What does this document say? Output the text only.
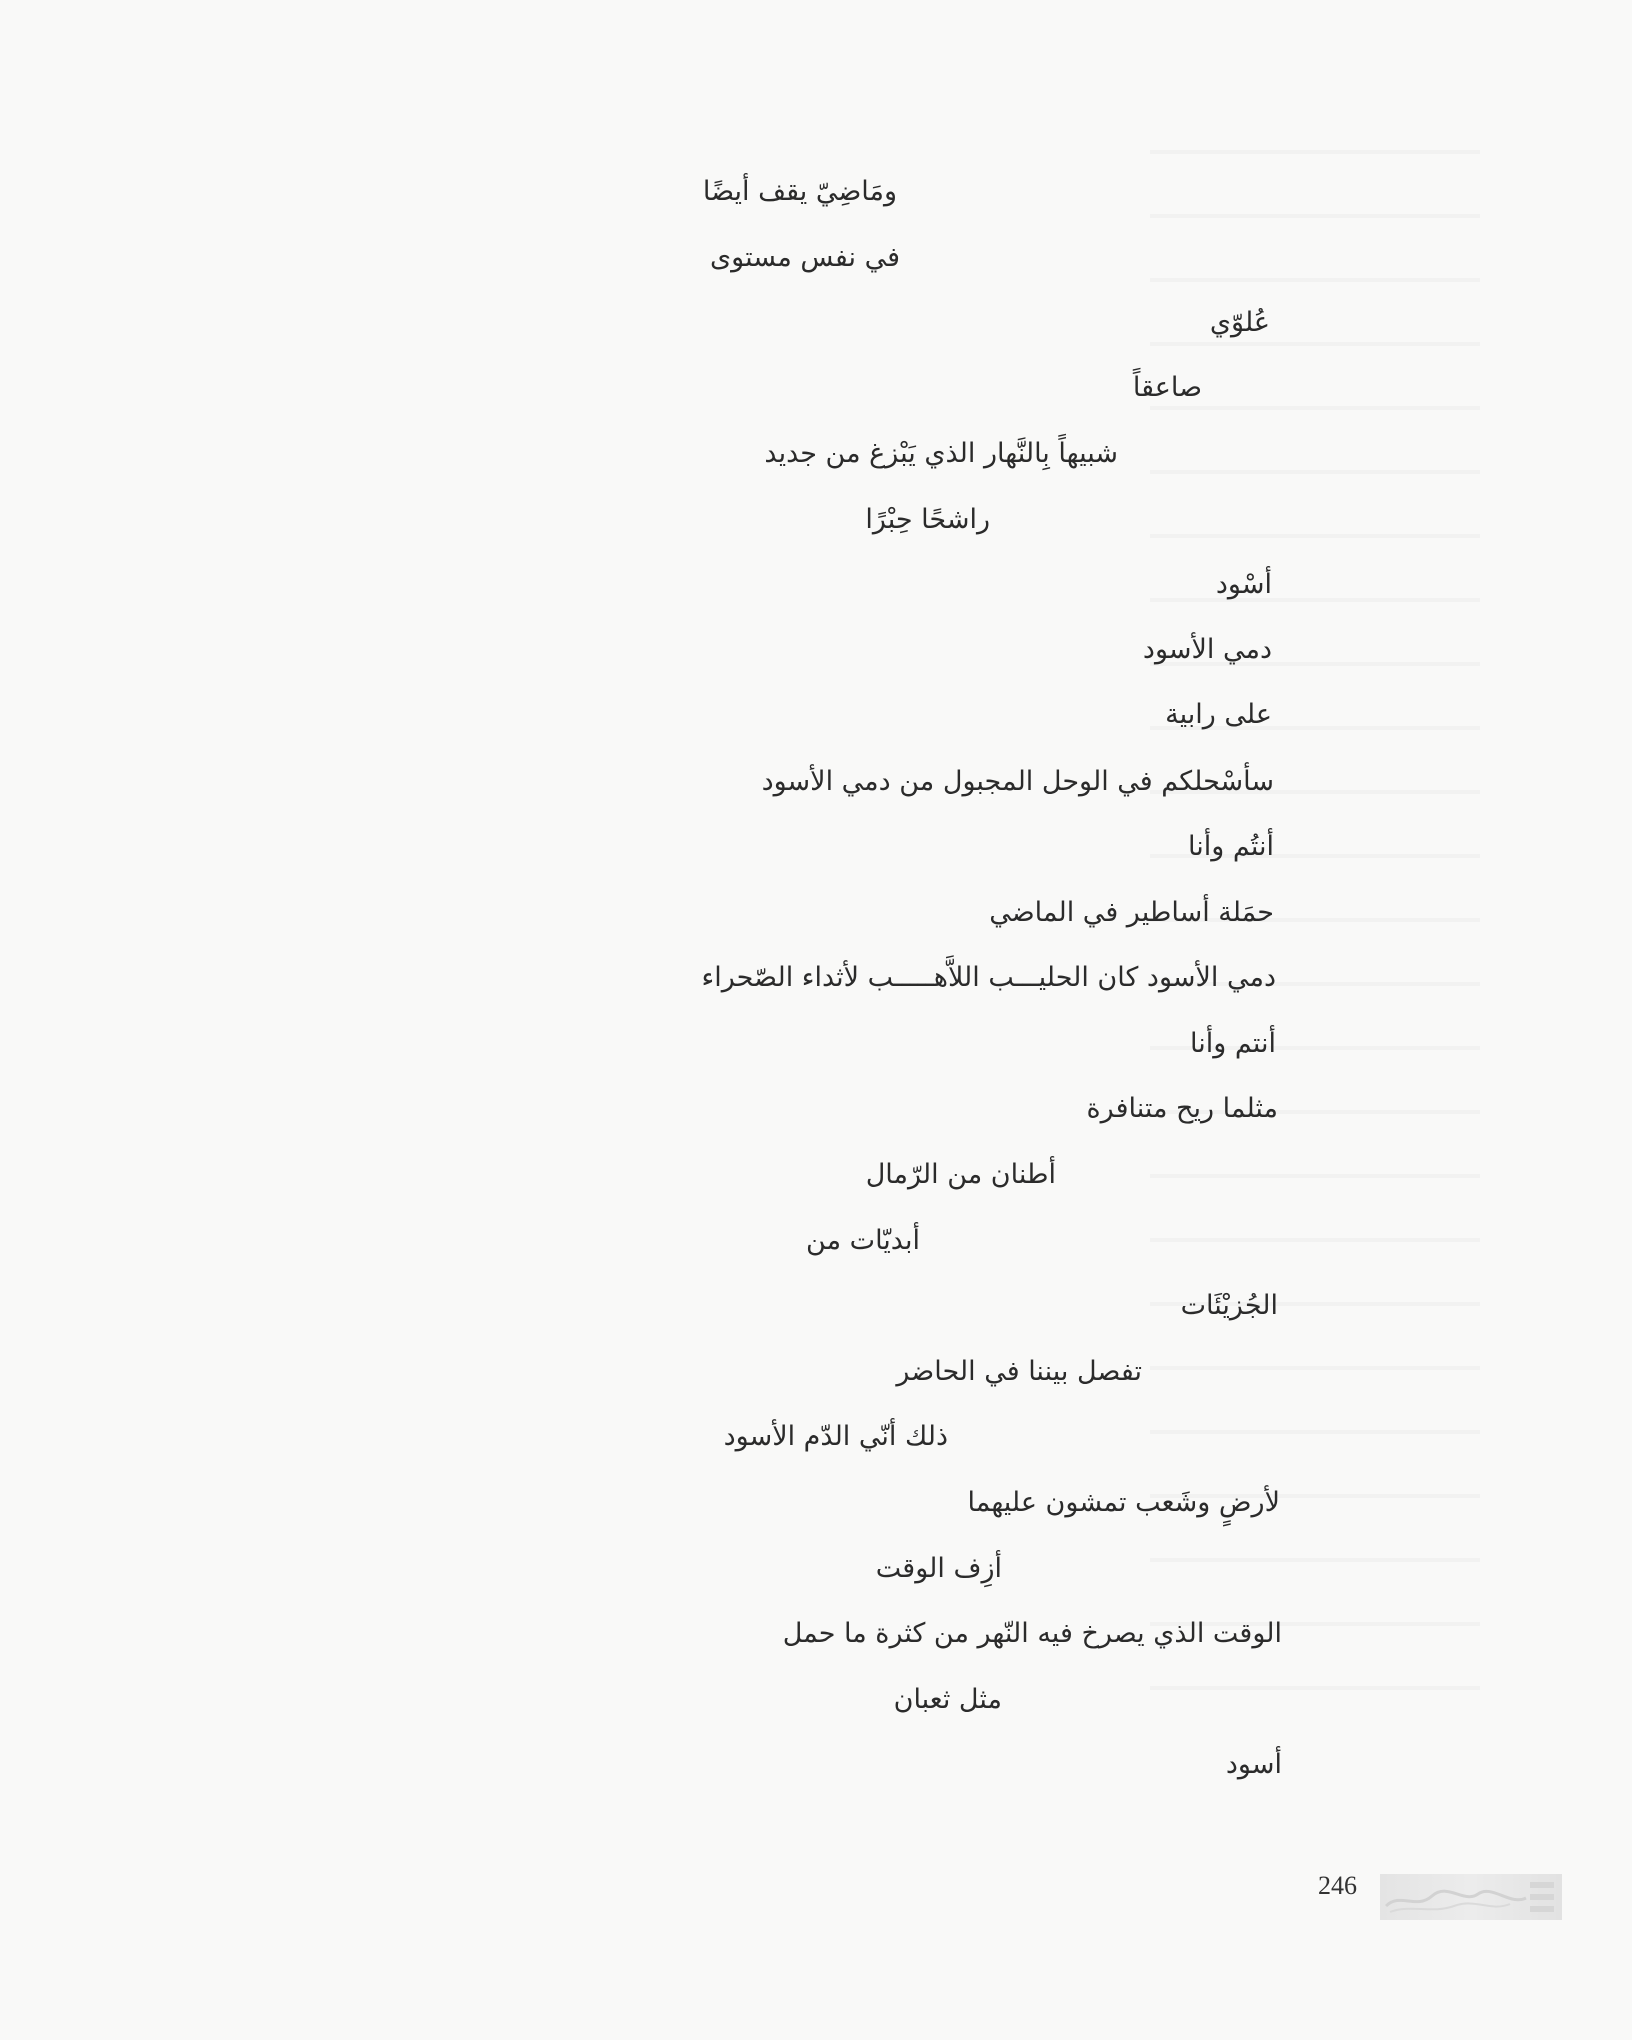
ومَاضِيّ يقف أيضًا
في نفس مستوى
عُلوّي
صاعقاً
شبيهاً بِالنَّهار الذي يَبْزغ من جديد
راشحًا حِبْرًا
أسْود
دمي الأسود
على رابية
سأسْحلكم في الوحل المجبول من دمي الأسود
أنتُم وأنا
حمَلة أساطير في الماضي
دمي الأسود كان الحليـــب اللاَّهـــــب لأثداء الصّحراء
أنتم وأنا
مثلما ريح متنافرة
أطنان من الرّمال
أبديّات من
الجُزيْئَات
تفصل بيننا في الحاضر
ذلك أنّي الدّم الأسود
لأرضٍ وشَعب تمشون عليهما
أزِف الوقت
الوقت الذي يصرخ فيه النّهر من كثرة ما حمل
مثل ثعبان
أسود
246
